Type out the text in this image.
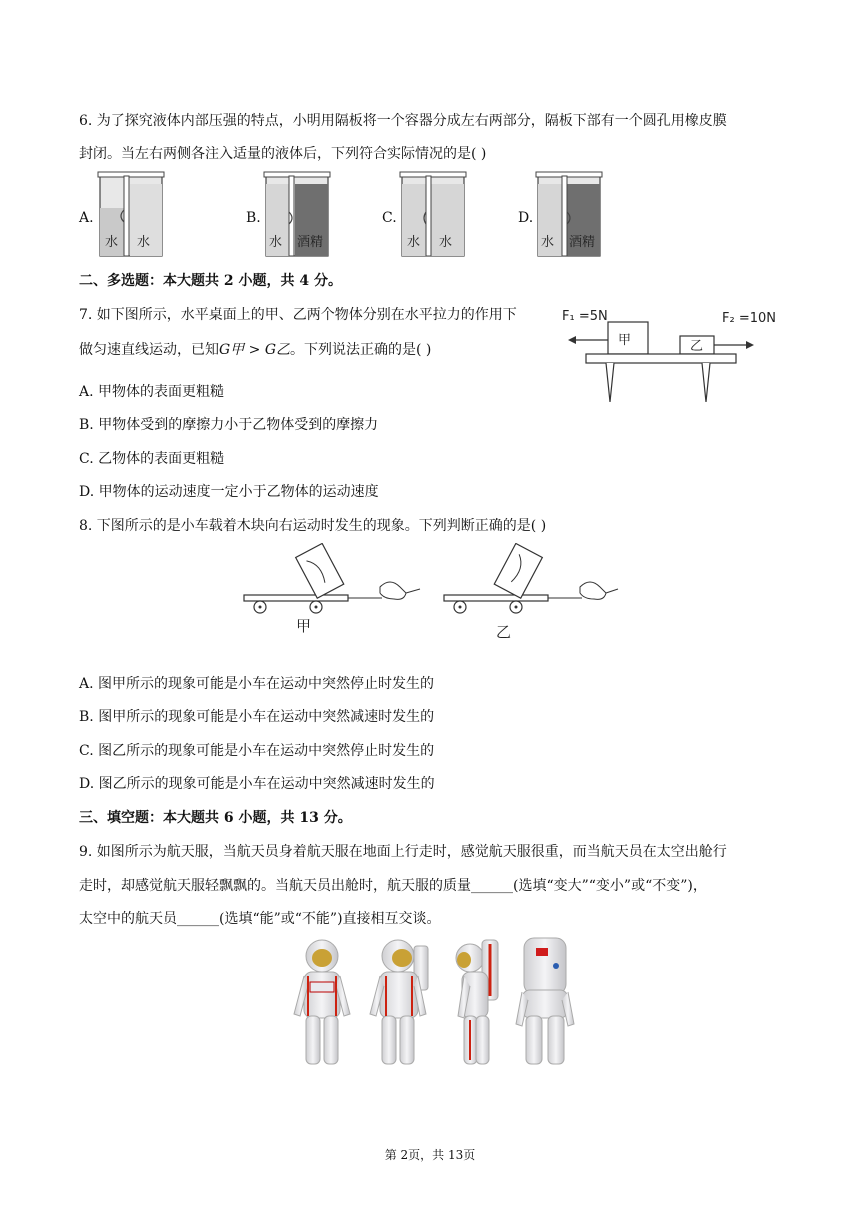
6. 为了探究液体内部压强的特点，小明用隔板将一个容器分成左右两部分，隔板下部有一个圆孔用橡皮膜
封闭。当左右两侧各注入适量的液体后，下列符合实际情况的是( )
A.
水 水
B.
水 酒精
C.
水 水
D.
水 酒精
二、多选题：本大题共 2 小题，共 4 分。
7. 如下图所示，水平桌面上的甲、乙两个物体分别在水平拉力的作用下
做匀速直线运动，已知G甲 > G乙。下列说法正确的是( )
F₁ =5N	F₂ =10N
甲	乙
A. 甲物体的表面更粗糙
B. 甲物体受到的摩擦力小于乙物体受到的摩擦力
C. 乙物体的表面更粗糙
D. 甲物体的运动速度一定小于乙物体的运动速度
8. 下图所示的是小车载着木块向右运动时发生的现象。下列判断正确的是( )
甲	乙
A. 图甲所示的现象可能是小车在运动中突然停止时发生的
B. 图甲所示的现象可能是小车在运动中突然减速时发生的
C. 图乙所示的现象可能是小车在运动中突然停止时发生的
D. 图乙所示的现象可能是小车在运动中突然减速时发生的
三、填空题：本大题共 6 小题，共 13 分。
9. 如图所示为航天服，当航天员身着航天服在地面上行走时，感觉航天服很重，而当航天员在太空出舱行
走时，却感觉航天服轻飘飘的。当航天员出舱时，航天服的质量______(选填“变大”“变小”或“不变”)，
太空中的航天员______(选填“能”或“不能”)直接相互交谈。
第 2页，共 13页
